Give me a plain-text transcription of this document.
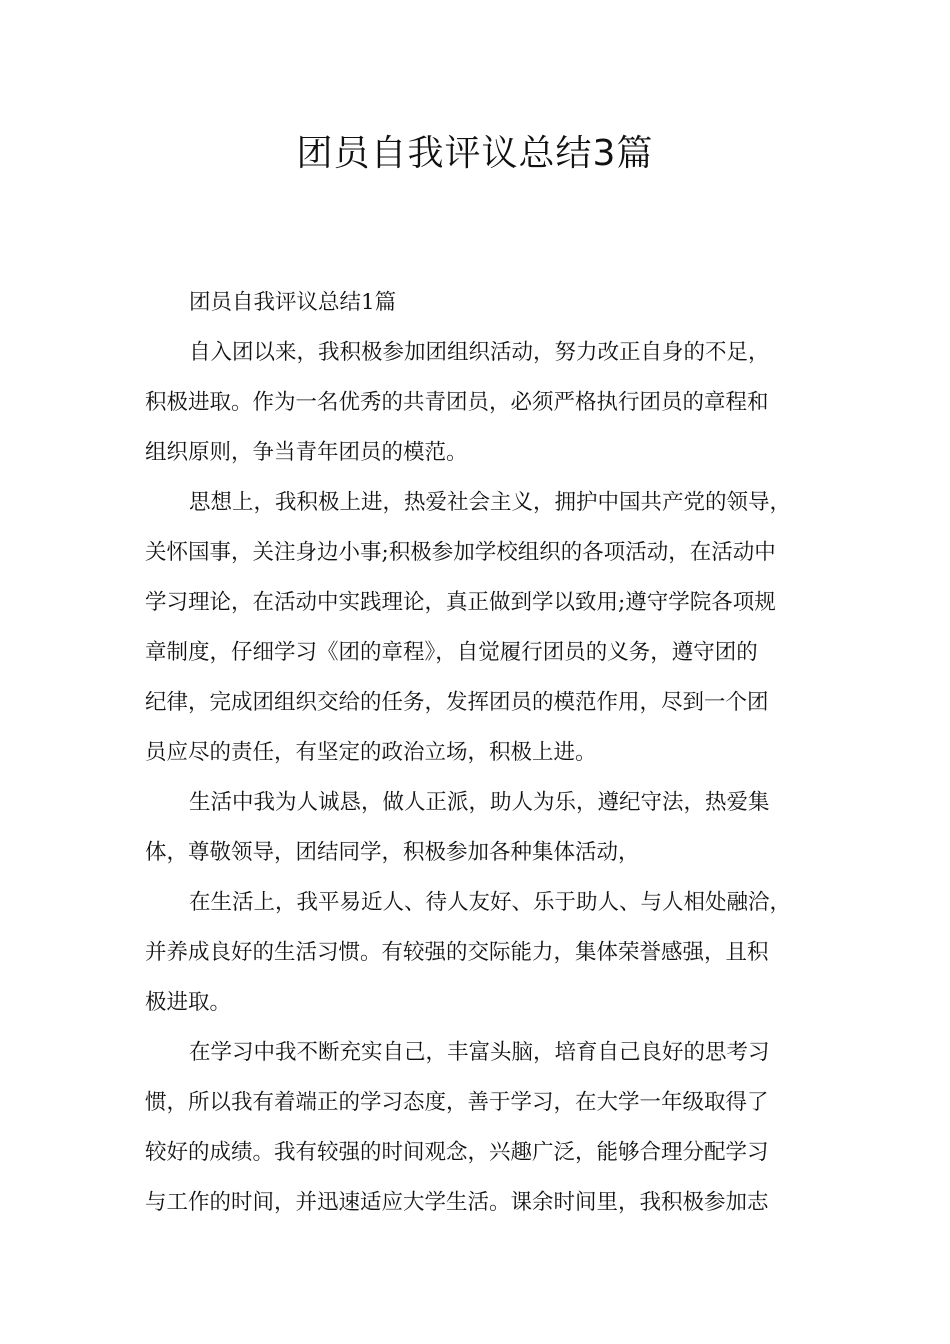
团员自我评议总结3篇
团员自我评议总结1篇
自入团以来，我积极参加团组织活动，努力改正自身的不足，
积极进取。作为一名优秀的共青团员，必须严格执行团员的章程和
组织原则，争当青年团员的模范。
思想上，我积极上进，热爱社会主义，拥护中国共产党的领导，
关怀国事，关注身边小事;积极参加学校组织的各项活动，在活动中
学习理论，在活动中实践理论，真正做到学以致用;遵守学院各项规
章制度，仔细学习《团的章程》，自觉履行团员的义务，遵守团的
纪律，完成团组织交给的任务，发挥团员的模范作用，尽到一个团
员应尽的责任，有坚定的政治立场，积极上进。
生活中我为人诚恳，做人正派，助人为乐，遵纪守法，热爱集
体，尊敬领导，团结同学，积极参加各种集体活动，
在生活上，我平易近人、待人友好、乐于助人、与人相处融洽，
并养成良好的生活习惯。有较强的交际能力，集体荣誉感强，且积
极进取。
在学习中我不断充实自己，丰富头脑，培育自己良好的思考习
惯，所以我有着端正的学习态度，善于学习，在大学一年级取得了
较好的成绩。我有较强的时间观念，兴趣广泛，能够合理分配学习
与工作的时间，并迅速适应大学生活。课余时间里，我积极参加志
